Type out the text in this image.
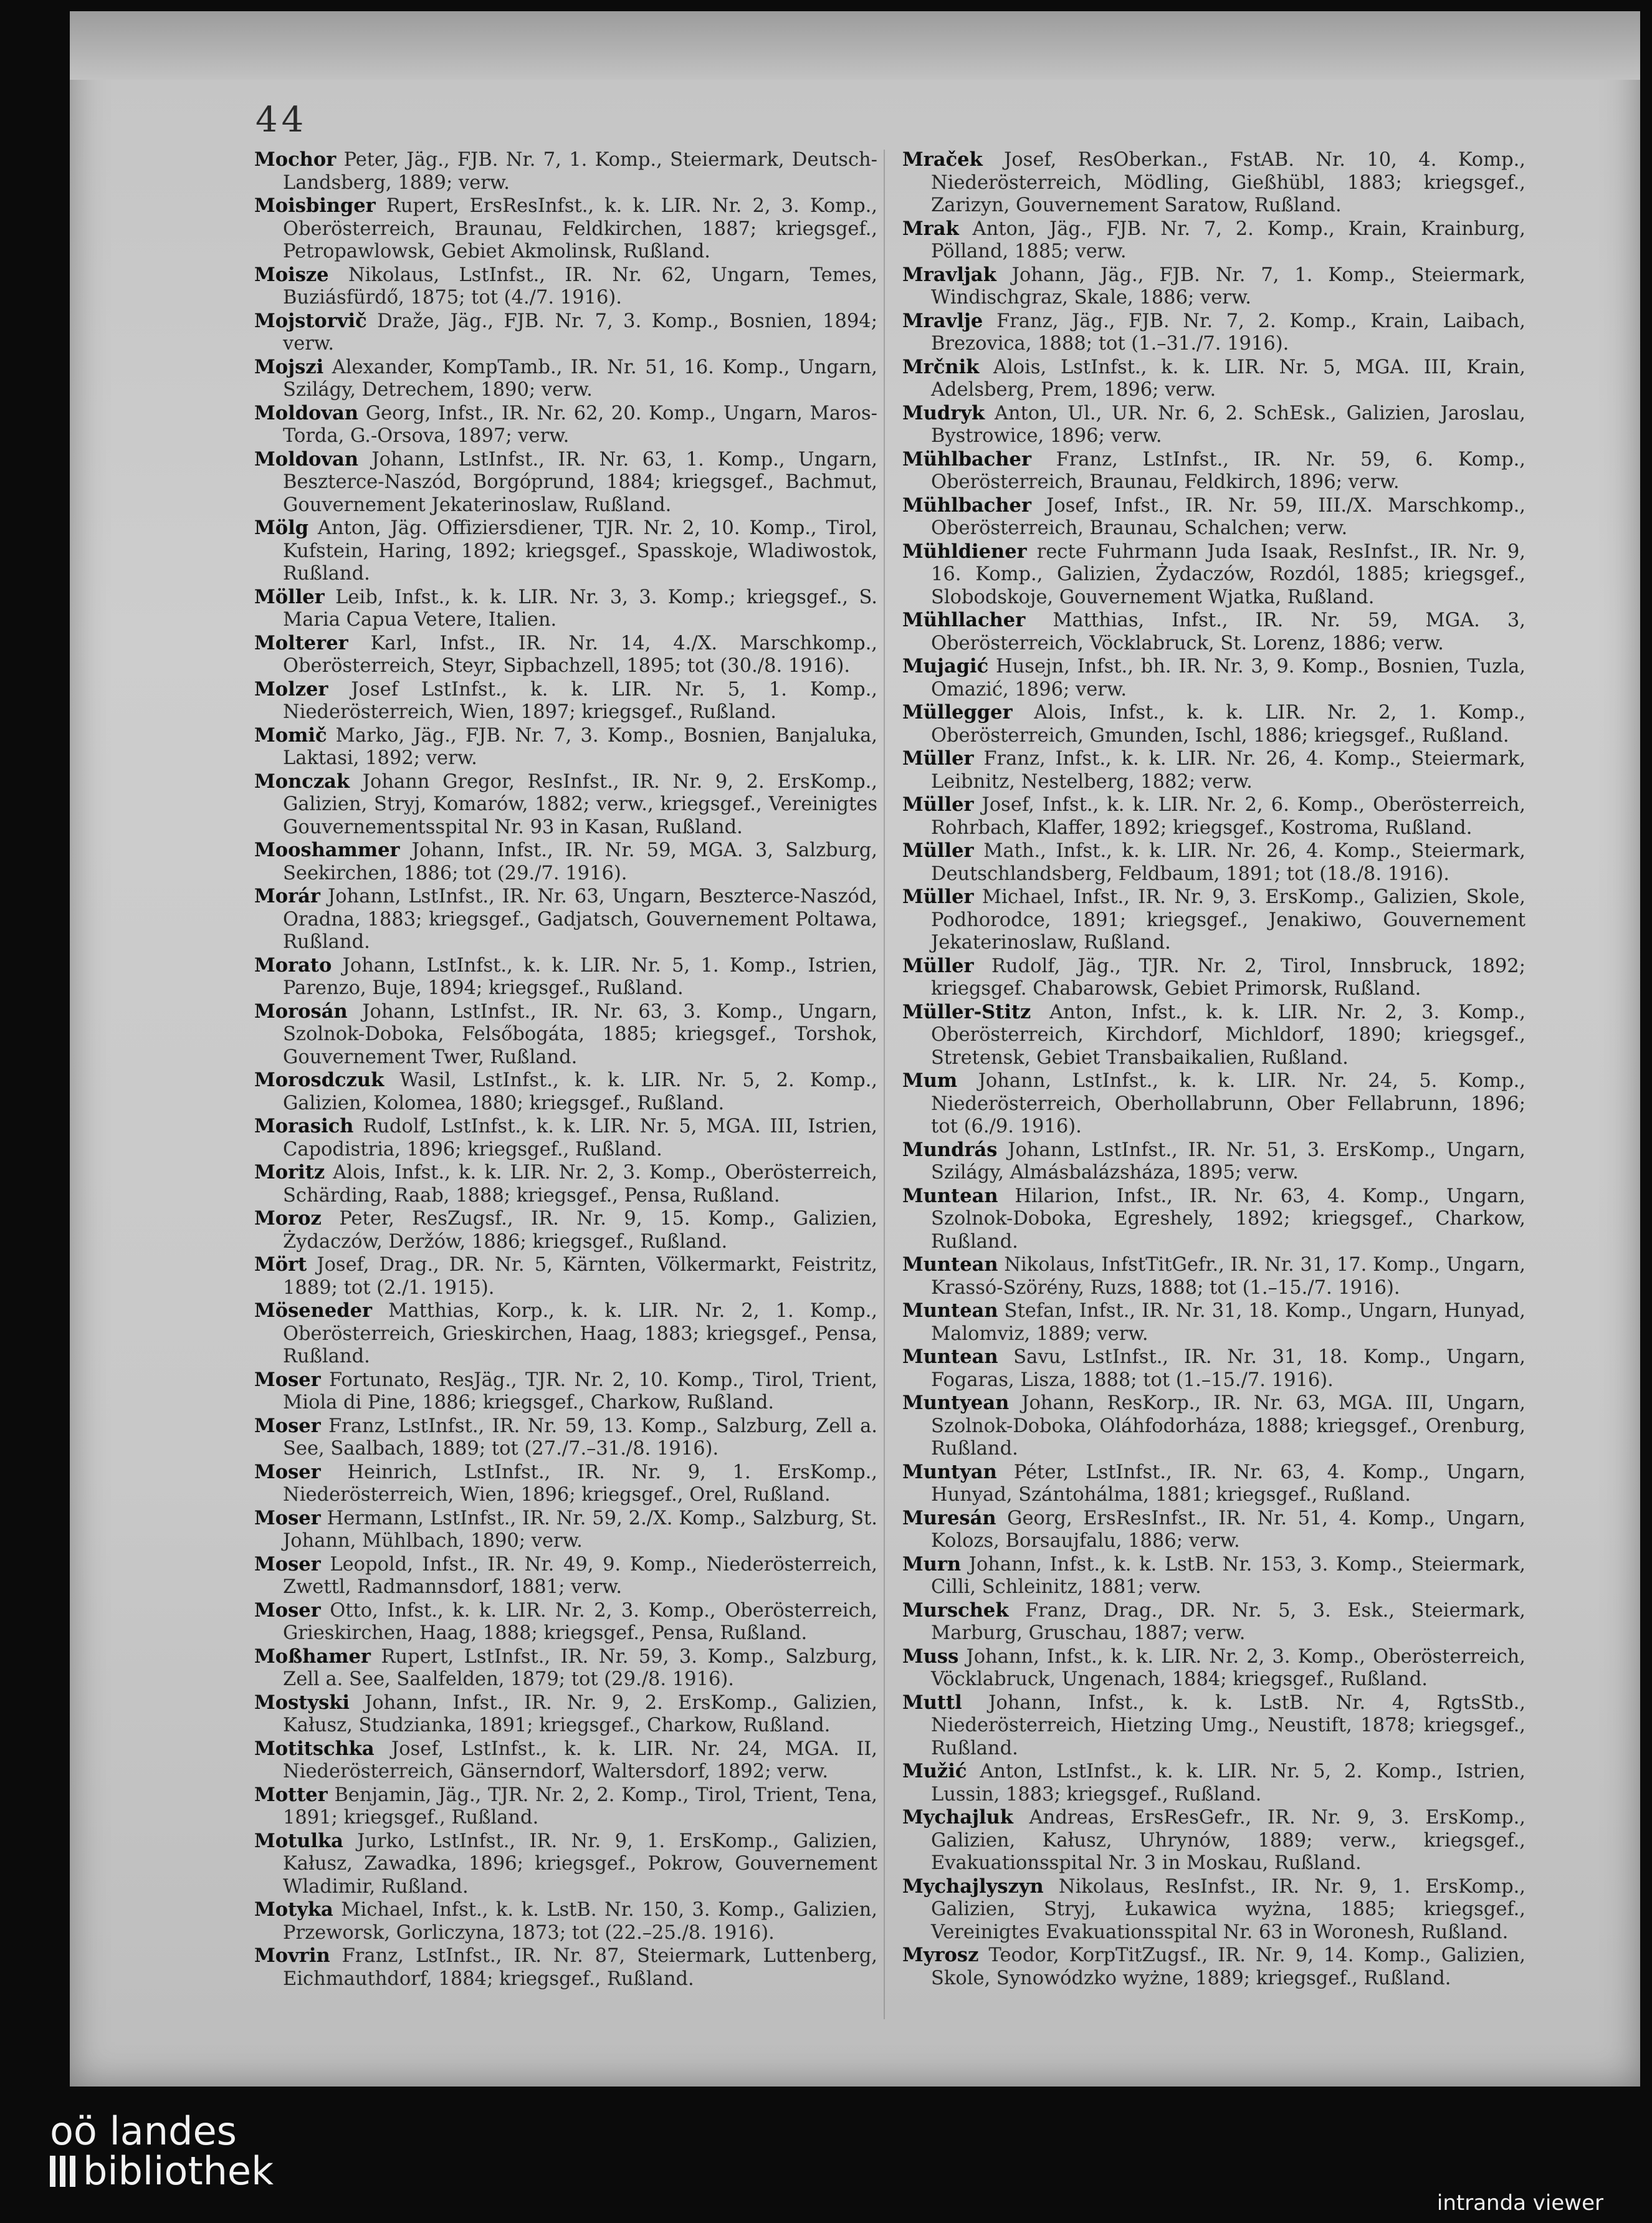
44

Mochor Peter, Jäg., FJB. Nr. 7, 1. Komp., Steiermark, Deutsch-Landsberg, 1889; verw.

Moisbinger Rupert, ErsResInfst., k. k. LIR. Nr. 2, 3. Komp., Oberösterreich, Braunau, Feldkirchen, 1887; kriegsgef., Petropawlowsk, Gebiet Akmolinsk, Rußland.

Moisze Nikolaus, LstInfst., IR. Nr. 62, Ungarn, Temes, Buziásfürdő, 1875; tot (4./7. 1916).

Mojstorvič Draže, Jäg., FJB. Nr. 7, 3. Komp., Bosnien, 1894; verw.

Mojszi Alexander, KompTamb., IR. Nr. 51, 16. Komp., Ungarn, Szilágy, Detrechem, 1890; verw.

Moldovan Georg, Infst., IR. Nr. 62, 20. Komp., Ungarn, Maros-Torda, G.-Orsova, 1897; verw.

Moldovan Johann, LstInfst., IR. Nr. 63, 1. Komp., Ungarn, Beszterce-Naszód, Borgóprund, 1884; kriegsgef., Bachmut, Gouvernement Jekaterinoslaw, Rußland.

Mölg Anton, Jäg. Offiziersdiener, TJR. Nr. 2, 10. Komp., Tirol, Kufstein, Haring, 1892; kriegsgef., Spasskoje, Wladiwostok, Rußland.

Möller Leib, Infst., k. k. LIR. Nr. 3, 3. Komp.; kriegsgef., S. Maria Capua Vetere, Italien.

Molterer Karl, Infst., IR. Nr. 14, 4./X. Marschkomp., Oberösterreich, Steyr, Sipbachzell, 1895; tot (30./8. 1916).

Molzer Josef LstInfst., k. k. LIR. Nr. 5, 1. Komp., Niederösterreich, Wien, 1897; kriegsgef., Rußland.

Momič Marko, Jäg., FJB. Nr. 7, 3. Komp., Bosnien, Banjaluka, Laktasi, 1892; verw.

Monczak Johann Gregor, ResInfst., IR. Nr. 9, 2. ErsKomp., Galizien, Stryj, Komarów, 1882; verw., kriegsgef., Vereinigtes Gouvernementsspital Nr. 93 in Kasan, Rußland.

Mooshammer Johann, Infst., IR. Nr. 59, MGA. 3, Salzburg, Seekirchen, 1886; tot (29./7. 1916).

Morár Johann, LstInfst., IR. Nr. 63, Ungarn, Beszterce-Naszód, Oradna, 1883; kriegsgef., Gadjatsch, Gouvernement Poltawa, Rußland.

Morato Johann, LstInfst., k. k. LIR. Nr. 5, 1. Komp., Istrien, Parenzo, Buje, 1894; kriegsgef., Rußland.

Morosán Johann, LstInfst., IR. Nr. 63, 3. Komp., Ungarn, Szolnok-Doboka, Felsőbogáta, 1885; kriegsgef., Torshok, Gouvernement Twer, Rußland.

Morosdczuk Wasil, LstInfst., k. k. LIR. Nr. 5, 2. Komp., Galizien, Kolomea, 1880; kriegsgef., Rußland.

Morasich Rudolf, LstInfst., k. k. LIR. Nr. 5, MGA. III, Istrien, Capodistria, 1896; kriegsgef., Rußland.

Moritz Alois, Infst., k. k. LIR. Nr. 2, 3. Komp., Oberösterreich, Schärding, Raab, 1888; kriegsgef., Pensa, Rußland.

Moroz Peter, ResZugsf., IR. Nr. 9, 15. Komp., Galizien, Żydaczów, Deržów, 1886; kriegsgef., Rußland.

Mört Josef, Drag., DR. Nr. 5, Kärnten, Völkermarkt, Feistritz, 1889; tot (2./1. 1915).

Möseneder Matthias, Korp., k. k. LIR. Nr. 2, 1. Komp., Oberösterreich, Grieskirchen, Haag, 1883; kriegsgef., Pensa, Rußland.

Moser Fortunato, ResJäg., TJR. Nr. 2, 10. Komp., Tirol, Trient, Miola di Pine, 1886; kriegsgef., Charkow, Rußland.

Moser Franz, LstInfst., IR. Nr. 59, 13. Komp., Salzburg, Zell a. See, Saalbach, 1889; tot (27./7.–31./8. 1916).

Moser Heinrich, LstInfst., IR. Nr. 9, 1. ErsKomp., Niederösterreich, Wien, 1896; kriegsgef., Orel, Rußland.

Moser Hermann, LstInfst., IR. Nr. 59, 2./X. Komp., Salzburg, St. Johann, Mühlbach, 1890; verw.

Moser Leopold, Infst., IR. Nr. 49, 9. Komp., Niederösterreich, Zwettl, Radmannsdorf, 1881; verw.

Moser Otto, Infst., k. k. LIR. Nr. 2, 3. Komp., Oberösterreich, Grieskirchen, Haag, 1888; kriegsgef., Pensa, Rußland.

Moßhamer Rupert, LstInfst., IR. Nr. 59, 3. Komp., Salzburg, Zell a. See, Saalfelden, 1879; tot (29./8. 1916).

Mostyski Johann, Infst., IR. Nr. 9, 2. ErsKomp., Galizien, Kałusz, Studzianka, 1891; kriegsgef., Charkow, Rußland.

Motitschka Josef, LstInfst., k. k. LIR. Nr. 24, MGA. II, Niederösterreich, Gänserndorf, Waltersdorf, 1892; verw.

Motter Benjamin, Jäg., TJR. Nr. 2, 2. Komp., Tirol, Trient, Tena, 1891; kriegsgef., Rußland.

Motulka Jurko, LstInfst., IR. Nr. 9, 1. ErsKomp., Galizien, Kałusz, Zawadka, 1896; kriegsgef., Pokrow, Gouvernement Wladimir, Rußland.

Motyka Michael, Infst., k. k. LstB. Nr. 150, 3. Komp., Galizien, Przeworsk, Gorliczyna, 1873; tot (22.–25./8. 1916).

Movrin Franz, LstInfst., IR. Nr. 87, Steiermark, Luttenberg, Eichmauthdorf, 1884; kriegsgef., Rußland.

Mraček Josef, ResOberkan., FstAB. Nr. 10, 4. Komp., Niederösterreich, Mödling, Gießhübl, 1883; kriegsgef., Zarizyn, Gouvernement Saratow, Rußland.

Mrak Anton, Jäg., FJB. Nr. 7, 2. Komp., Krain, Krainburg, Pölland, 1885; verw.

Mravljak Johann, Jäg., FJB. Nr. 7, 1. Komp., Steiermark, Windischgraz, Skale, 1886; verw.

Mravlje Franz, Jäg., FJB. Nr. 7, 2. Komp., Krain, Laibach, Brezovica, 1888; tot (1.–31./7. 1916).

Mrčnik Alois, LstInfst., k. k. LIR. Nr. 5, MGA. III, Krain, Adelsberg, Prem, 1896; verw.

Mudryk Anton, Ul., UR. Nr. 6, 2. SchEsk., Galizien, Jaroslau, Bystrowice, 1896; verw.

Mühlbacher Franz, LstInfst., IR. Nr. 59, 6. Komp., Oberösterreich, Braunau, Feldkirch, 1896; verw.

Mühlbacher Josef, Infst., IR. Nr. 59, III./X. Marschkomp., Oberösterreich, Braunau, Schalchen; verw.

Mühldiener recte Fuhrmann Juda Isaak, ResInfst., IR. Nr. 9, 16. Komp., Galizien, Żydaczów, Rozdól, 1885; kriegsgef., Slobodskoje, Gouvernement Wjatka, Rußland.

Mühllacher Matthias, Infst., IR. Nr. 59, MGA. 3, Oberösterreich, Vöcklabruck, St. Lorenz, 1886; verw.

Mujagić Husejn, Infst., bh. IR. Nr. 3, 9. Komp., Bosnien, Tuzla, Omazić, 1896; verw.

Müllegger Alois, Infst., k. k. LIR. Nr. 2, 1. Komp., Oberösterreich, Gmunden, Ischl, 1886; kriegsgef., Rußland.

Müller Franz, Infst., k. k. LIR. Nr. 26, 4. Komp., Steiermark, Leibnitz, Nestelberg, 1882; verw.

Müller Josef, Infst., k. k. LIR. Nr. 2, 6. Komp., Oberösterreich, Rohrbach, Klaffer, 1892; kriegsgef., Kostroma, Rußland.

Müller Math., Infst., k. k. LIR. Nr. 26, 4. Komp., Steiermark, Deutschlandsberg, Feldbaum, 1891; tot (18./8. 1916).

Müller Michael, Infst., IR. Nr. 9, 3. ErsKomp., Galizien, Skole, Podhorodce, 1891; kriegsgef., Jenakiwo, Gouvernement Jekaterinoslaw, Rußland.

Müller Rudolf, Jäg., TJR. Nr. 2, Tirol, Innsbruck, 1892; kriegsgef. Chabarowsk, Gebiet Primorsk, Rußland.

Müller-Stitz Anton, Infst., k. k. LIR. Nr. 2, 3. Komp., Oberösterreich, Kirchdorf, Michldorf, 1890; kriegsgef., Stretensk, Gebiet Transbaikalien, Rußland.

Mum Johann, LstInfst., k. k. LIR. Nr. 24, 5. Komp., Niederösterreich, Oberhollabrunn, Ober Fellabrunn, 1896; tot (6./9. 1916).

Mundrás Johann, LstInfst., IR. Nr. 51, 3. ErsKomp., Ungarn, Szilágy, Almásbalázsháza, 1895; verw.

Muntean Hilarion, Infst., IR. Nr. 63, 4. Komp., Ungarn, Szolnok-Doboka, Egreshely, 1892; kriegsgef., Charkow, Rußland.

Muntean Nikolaus, InfstTitGefr., IR. Nr. 31, 17. Komp., Ungarn, Krassó-Szörény, Ruzs, 1888; tot (1.–15./7. 1916).

Muntean Stefan, Infst., IR. Nr. 31, 18. Komp., Ungarn, Hunyad, Malomviz, 1889; verw.

Muntean Savu, LstInfst., IR. Nr. 31, 18. Komp., Ungarn, Fogaras, Lisza, 1888; tot (1.–15./7. 1916).

Muntyean Johann, ResKorp., IR. Nr. 63, MGA. III, Ungarn, Szolnok-Doboka, Oláhfodorháza, 1888; kriegsgef., Orenburg, Rußland.

Muntyan Péter, LstInfst., IR. Nr. 63, 4. Komp., Ungarn, Hunyad, Szántohálma, 1881; kriegsgef., Rußland.

Muresán Georg, ErsResInfst., IR. Nr. 51, 4. Komp., Ungarn, Kolozs, Borsaujfalu, 1886; verw.

Murn Johann, Infst., k. k. LstB. Nr. 153, 3. Komp., Steiermark, Cilli, Schleinitz, 1881; verw.

Murschek Franz, Drag., DR. Nr. 5, 3. Esk., Steiermark, Marburg, Gruschau, 1887; verw.

Muss Johann, Infst., k. k. LIR. Nr. 2, 3. Komp., Oberösterreich, Vöcklabruck, Ungenach, 1884; kriegsgef., Rußland.

Muttl Johann, Infst., k. k. LstB. Nr. 4, RgtsStb., Niederösterreich, Hietzing Umg., Neustift, 1878; kriegsgef., Rußland.

Mužić Anton, LstInfst., k. k. LIR. Nr. 5, 2. Komp., Istrien, Lussin, 1883; kriegsgef., Rußland.

Mychajluk Andreas, ErsResGefr., IR. Nr. 9, 3. ErsKomp., Galizien, Kałusz, Uhrynów, 1889; verw., kriegsgef., Evakuationsspital Nr. 3 in Moskau, Rußland.

Mychajlyszyn Nikolaus, ResInfst., IR. Nr. 9, 1. ErsKomp., Galizien, Stryj, Łukawica wyżna, 1885; kriegsgef., Vereinigtes Evakuationsspital Nr. 63 in Woronesh, Rußland.

Myrosz Teodor, KorpTitZugsf., IR. Nr. 9, 14. Komp., Galizien, Skole, Synowódzko wyżne, 1889; kriegsgef., Rußland.

oö landes
bibliothek
intranda viewer
